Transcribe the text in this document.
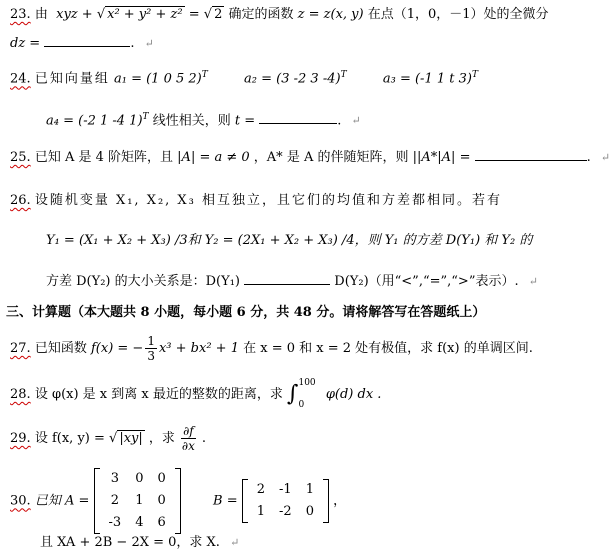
23. 由  xyz + √ x² + y² + z² = √ 2 确定的函数 z = z(x, y) 在点（1，0，－1）处的全微分
dz =	. ↵
24. 已知向量组 a₁ = (1 0 5 2)$^T$	a₂ = (3 -2 3 -4)$^T$	a₃ = (-1 1 t 3)$^T$
a₄ = (-2 1 -4 1)$^T$ 线性相关，则 t =	. ↵
25. 已知 A 是 4 阶矩阵，且 |A| = a ≠ 0 ，A* 是 A 的伴随矩阵，则 ||A*|A| =	. ↵
26. 设随机变量 X₁, X₂, X₃ 相互独立，且它们的均值和方差都相同。若有
Y₁ = (X₁ + X₂ + X₃) /3和 Y₂ = (2X₁ + X₂ + X₃) /4，则 Y₁ 的方差 D(Y₁) 和 Y₂ 的
方差 D(Y₂) 的大小关系是：D(Y₁)	D(Y₂)（用“<”,“=”,“>”表示）. ↵
三、计算题（本大题共 8 小题，每小题 6 分，共 48 分。请将解答写在答题纸上）
27. 已知函数 f(x) = − $\frac{1}{3} x^3 + bx^2 + 1$ 在 x = 0 和 x = 2 处有极值，求 f(x) 的单调区间.
28. 设 φ(x) 是 x 到离 x 最近的整数的距离，求 ∫100

0 φ(d) dx .
29. 设 f(x, y) = √ |xy| ，求 $\frac{\partial f}{\partial x}$ .
30. 已知 A =
3	0	0
2	1	0
-3	4	6
B =
2	-1	1
1	-2	0
，
且 XA + 2B − 2X = 0，求 X. ↵
